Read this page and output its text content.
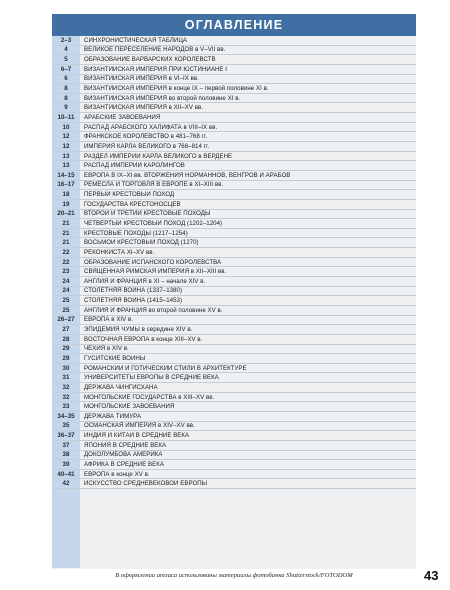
ОГЛАВЛЕНИЕ
2–3	СИНХРОНИСТИЧЕСКАЯ ТАБЛИЦА
4	ВЕЛИКОЕ ПЕРЕСЕЛЕНИЕ НАРОДОВ в V–VII вв.
5	ОБРАЗОВАНИЕ ВАРВАРСКИХ КОРОЛЕВСТВ
6–7	ВИЗАНТИЙСКАЯ ИМПЕРИЯ ПРИ ЮСТИНИАНЕ I
6	ВИЗАНТИЙСКАЯ ИМПЕРИЯ в VI–IX вв.
8	ВИЗАНТИЙСКАЯ ИМПЕРИЯ в конце IX – первой половине XI в.
8	ВИЗАНТИЙСКАЯ ИМПЕРИЯ во второй половине XI в.
9	ВИЗАНТИЙСКАЯ ИМПЕРИЯ в XII–XV вв.
10–11	АРАБСКИЕ ЗАВОЕВАНИЯ
10	РАСПАД АРАБСКОГО ХАЛИФАТА в VIII–IX вв.
12	ФРАНКСКОЕ КОРОЛЕВСТВО в 481–768 гг.
12	ИМПЕРИЯ КАРЛА ВЕЛИКОГО в 768–814 гг.
13	РАЗДЕЛ ИМПЕРИИ КАРЛА ВЕЛИКОГО в ВЕРДЕНЕ
13	РАСПАД ИМПЕРИИ КАРОЛИНГОВ
14–15	ЕВРОПА В IX–XI вв. ВТОРЖЕНИЯ НОРМАННОВ, ВЕНГРОВ И АРАБОВ
16–17	РЕМЁСЛА И ТОРГОВЛЯ В ЕВРОПЕ в XI–XIII вв.
18	ПЕРВЫЙ КРЕСТОВЫЙ ПОХОД
19	ГОСУДАРСТВА КРЕСТОНОСЦЕВ
20–21	ВТОРОЙ И ТРЕТИЙ КРЕСТОВЫЕ ПОХОДЫ
21	ЧЕТВЁРТЫЙ КРЕСТОВЫЙ ПОХОД (1202–1204)
21	КРЕСТОВЫЕ ПОХОДЫ (1217–1254)
21	ВОСЬМОЙ КРЕСТОВЫЙ ПОХОД (1270)
22	РЕКОНКИСТА XI–XV вв.
22	ОБРАЗОВАНИЕ ИСПАНСКОГО КОРОЛЕВСТВА
23	СВЯЩЕННАЯ РИМСКАЯ ИМПЕРИЯ в XII–XIII вв.
24	АНГЛИЯ И ФРАНЦИЯ в XI – начале XIV в.
24	СТОЛЕТНЯЯ ВОЙНА (1337–1380)
25	СТОЛЕТНЯЯ ВОЙНА (1415–1453)
25	АНГЛИЯ И ФРАНЦИЯ во второй половине XV в.
26–27	ЕВРОПА в XIV в.
27	ЭПИДЕМИЯ ЧУМЫ в середине XIV в.
28	ВОСТОЧНАЯ ЕВРОПА в конце XIII–XV в.
29	ЧЕХИЯ в XIV в.
29	ГУСИТСКИЕ ВОЙНЫ
30	РОМАНСКИЙ И ГОТИЧЕСКИЙ СТИЛИ В АРХИТЕКТУРЕ
31	УНИВЕРСИТЕТЫ ЕВРОПЫ В СРЕДНИЕ ВЕКА
32	ДЕРЖАВА ЧИНГИСХАНА
32	МОНГОЛЬСКИЕ ГОСУДАРСТВА в XIII–XV вв.
33	МОНГОЛЬСКИЕ ЗАВОЕВАНИЯ
34–35	ДЕРЖАВА ТИМУРА
35	ОСМАНСКАЯ ИМПЕРИЯ в XIV–XV вв.
36–37	ИНДИЯ И КИТАЙ В СРЕДНИЕ ВЕКА
37	ЯПОНИЯ В СРЕДНИЕ ВЕКА
38	ДОКОЛУМБОВА АМЕРИКА
39	АФРИКА В СРЕДНИЕ ВЕКА
40–41	ЕВРОПА в конце XV в.
42	ИСКУССТВО СРЕДНЕВЕКОВОЙ ЕВРОПЫ
В оформлении атласа использованы материалы фотобанка Shutterstock/FOTODOM	43
